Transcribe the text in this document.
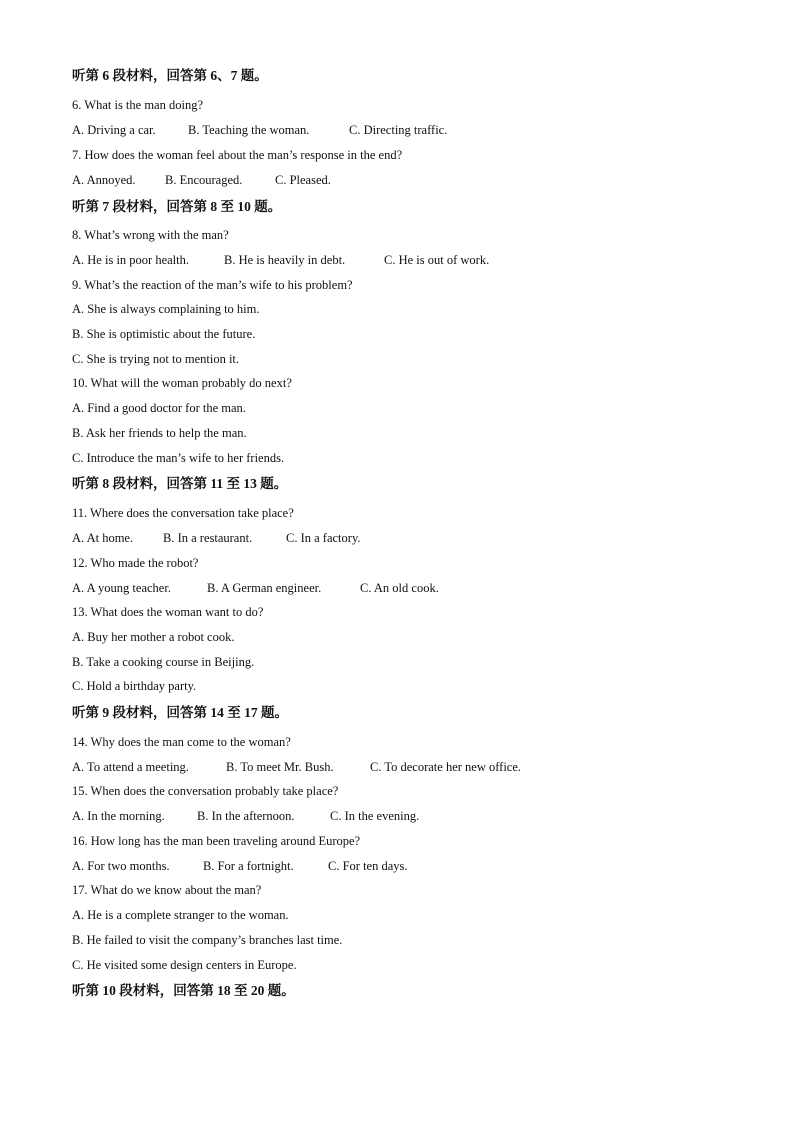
听第 6 段材料，回答第 6、7 题。
6. What is the man doing?
A. Driving a car.	B. Teaching the woman.	C. Directing traffic.
7. How does the woman feel about the man’s response in the end?
A. Annoyed. B. Encouraged.	C. Pleased.
听第 7 段材料，回答第 8 至 10 题。
8. What’s wrong with the man?
A. He is in poor health.	B. He is heavily in debt.	C. He is out of work.
9. What’s the reaction of the man’s wife to his problem?
A. She is always complaining to him.
B. She is optimistic about the future.
C. She is trying not to mention it.
10. What will the woman probably do next?
A. Find a good doctor for the man.
B. Ask her friends to help the man.
C. Introduce the man’s wife to her friends.
听第 8 段材料，回答第 11 至 13 题。
11. Where does the conversation take place?
A. At home. B. In a restaurant.	C. In a factory.
12. Who made the robot?
A. A young teacher.	B. A German engineer.	C. An old cook.
13. What does the woman want to do?
A. Buy her mother a robot cook.
B. Take a cooking course in Beijing.
C. Hold a birthday party.
听第 9 段材料，回答第 14 至 17 题。
14. Why does the man come to the woman?
A. To attend a meeting.	B. To meet Mr. Bush.	C. To decorate her new office.
15. When does the conversation probably take place?
A. In the morning.	B. In the afternoon.	C. In the evening.
16. How long has the man been traveling around Europe?
A. For two months.	B. For a fortnight.	C. For ten days.
17. What do we know about the man?
A. He is a complete stranger to the woman.
B. He failed to visit the company’s branches last time.
C. He visited some design centers in Europe.
听第 10 段材料，回答第 18 至 20 题。
